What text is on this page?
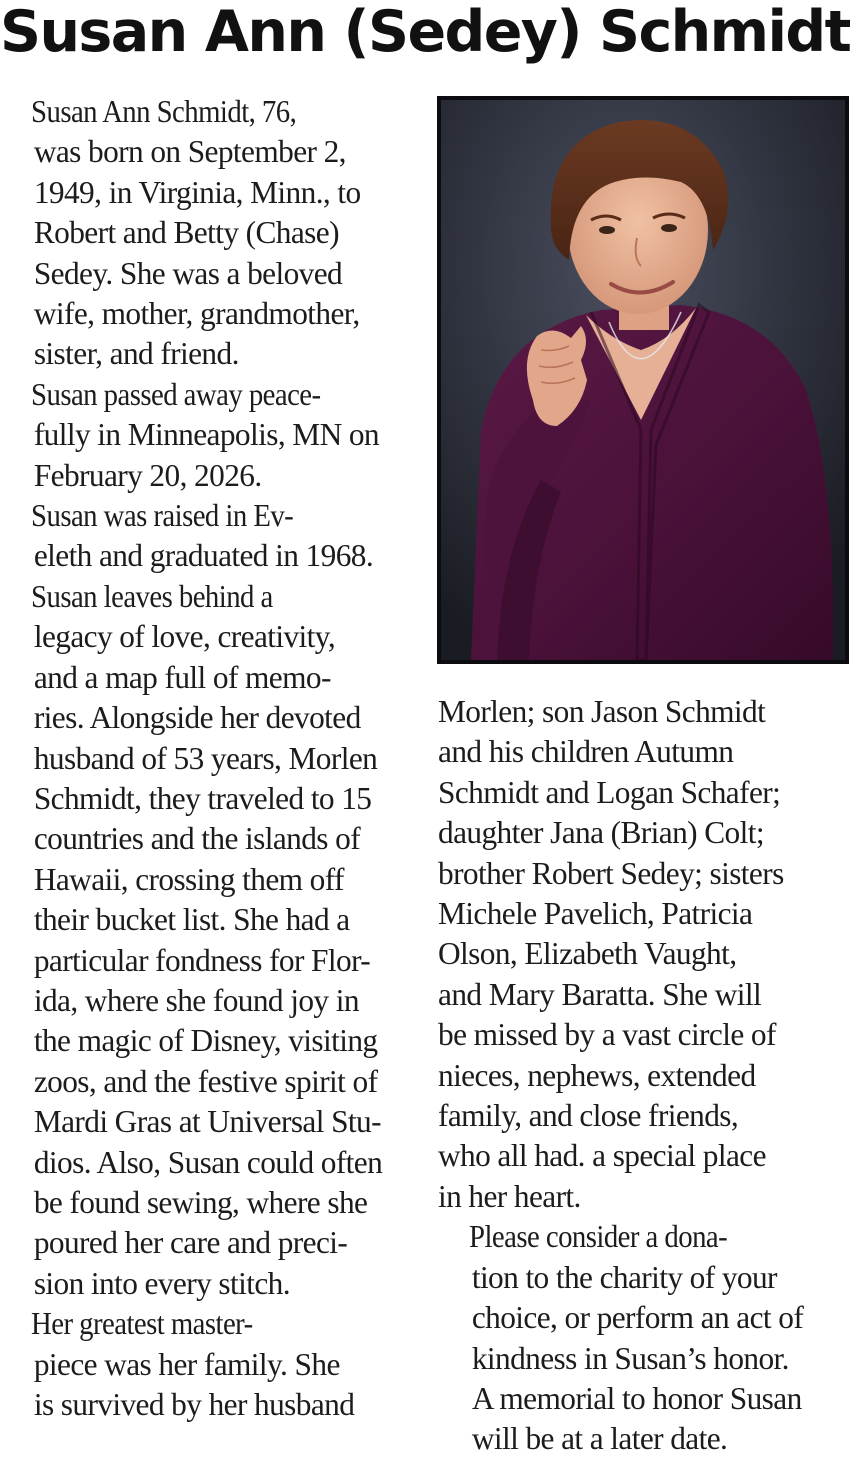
Susan Ann (Sedey) Schmidt

Susan Ann Schmidt, 76,
was born on September 2,
1949, in Virginia, Minn., to
Robert and Betty (Chase)
Sedey. She was a beloved
wife, mother, grandmother,
sister, and friend.

Susan passed away peace-
fully in Minneapolis, MN on
February 20, 2026.

Susan was raised in Ev-
eleth and graduated in 1968.

Susan leaves behind a
legacy of love, creativity,
and a map full of memo-
ries. Alongside her devoted
husband of 53 years, Morlen
Schmidt, they traveled to 15
countries and the islands of
Hawaii, crossing them off
their bucket list. She had a
particular fondness for Flor-
ida, where she found joy in
the magic of Disney, visiting
zoos, and the festive spirit of
Mardi Gras at Universal Stu-
dios. Also, Susan could often
be found sewing, where she
poured her care and preci-
sion into every stitch.

Her greatest master-
piece was her family. She
is survived by her husband

Morlen; son Jason Schmidt
and his children Autumn
Schmidt and Logan Schafer;
daughter Jana (Brian) Colt;
brother Robert Sedey; sisters
Michele Pavelich, Patricia
Olson, Elizabeth Vaught,
and Mary Baratta. She will
be missed by a vast circle of
nieces, nephews, extended
family, and close friends,
who all had. a special place
in her heart.

Please consider a dona-
tion to the charity of your
choice, or perform an act of
kindness in Susan’s honor.
A memorial to honor Susan
will be at a later date.
